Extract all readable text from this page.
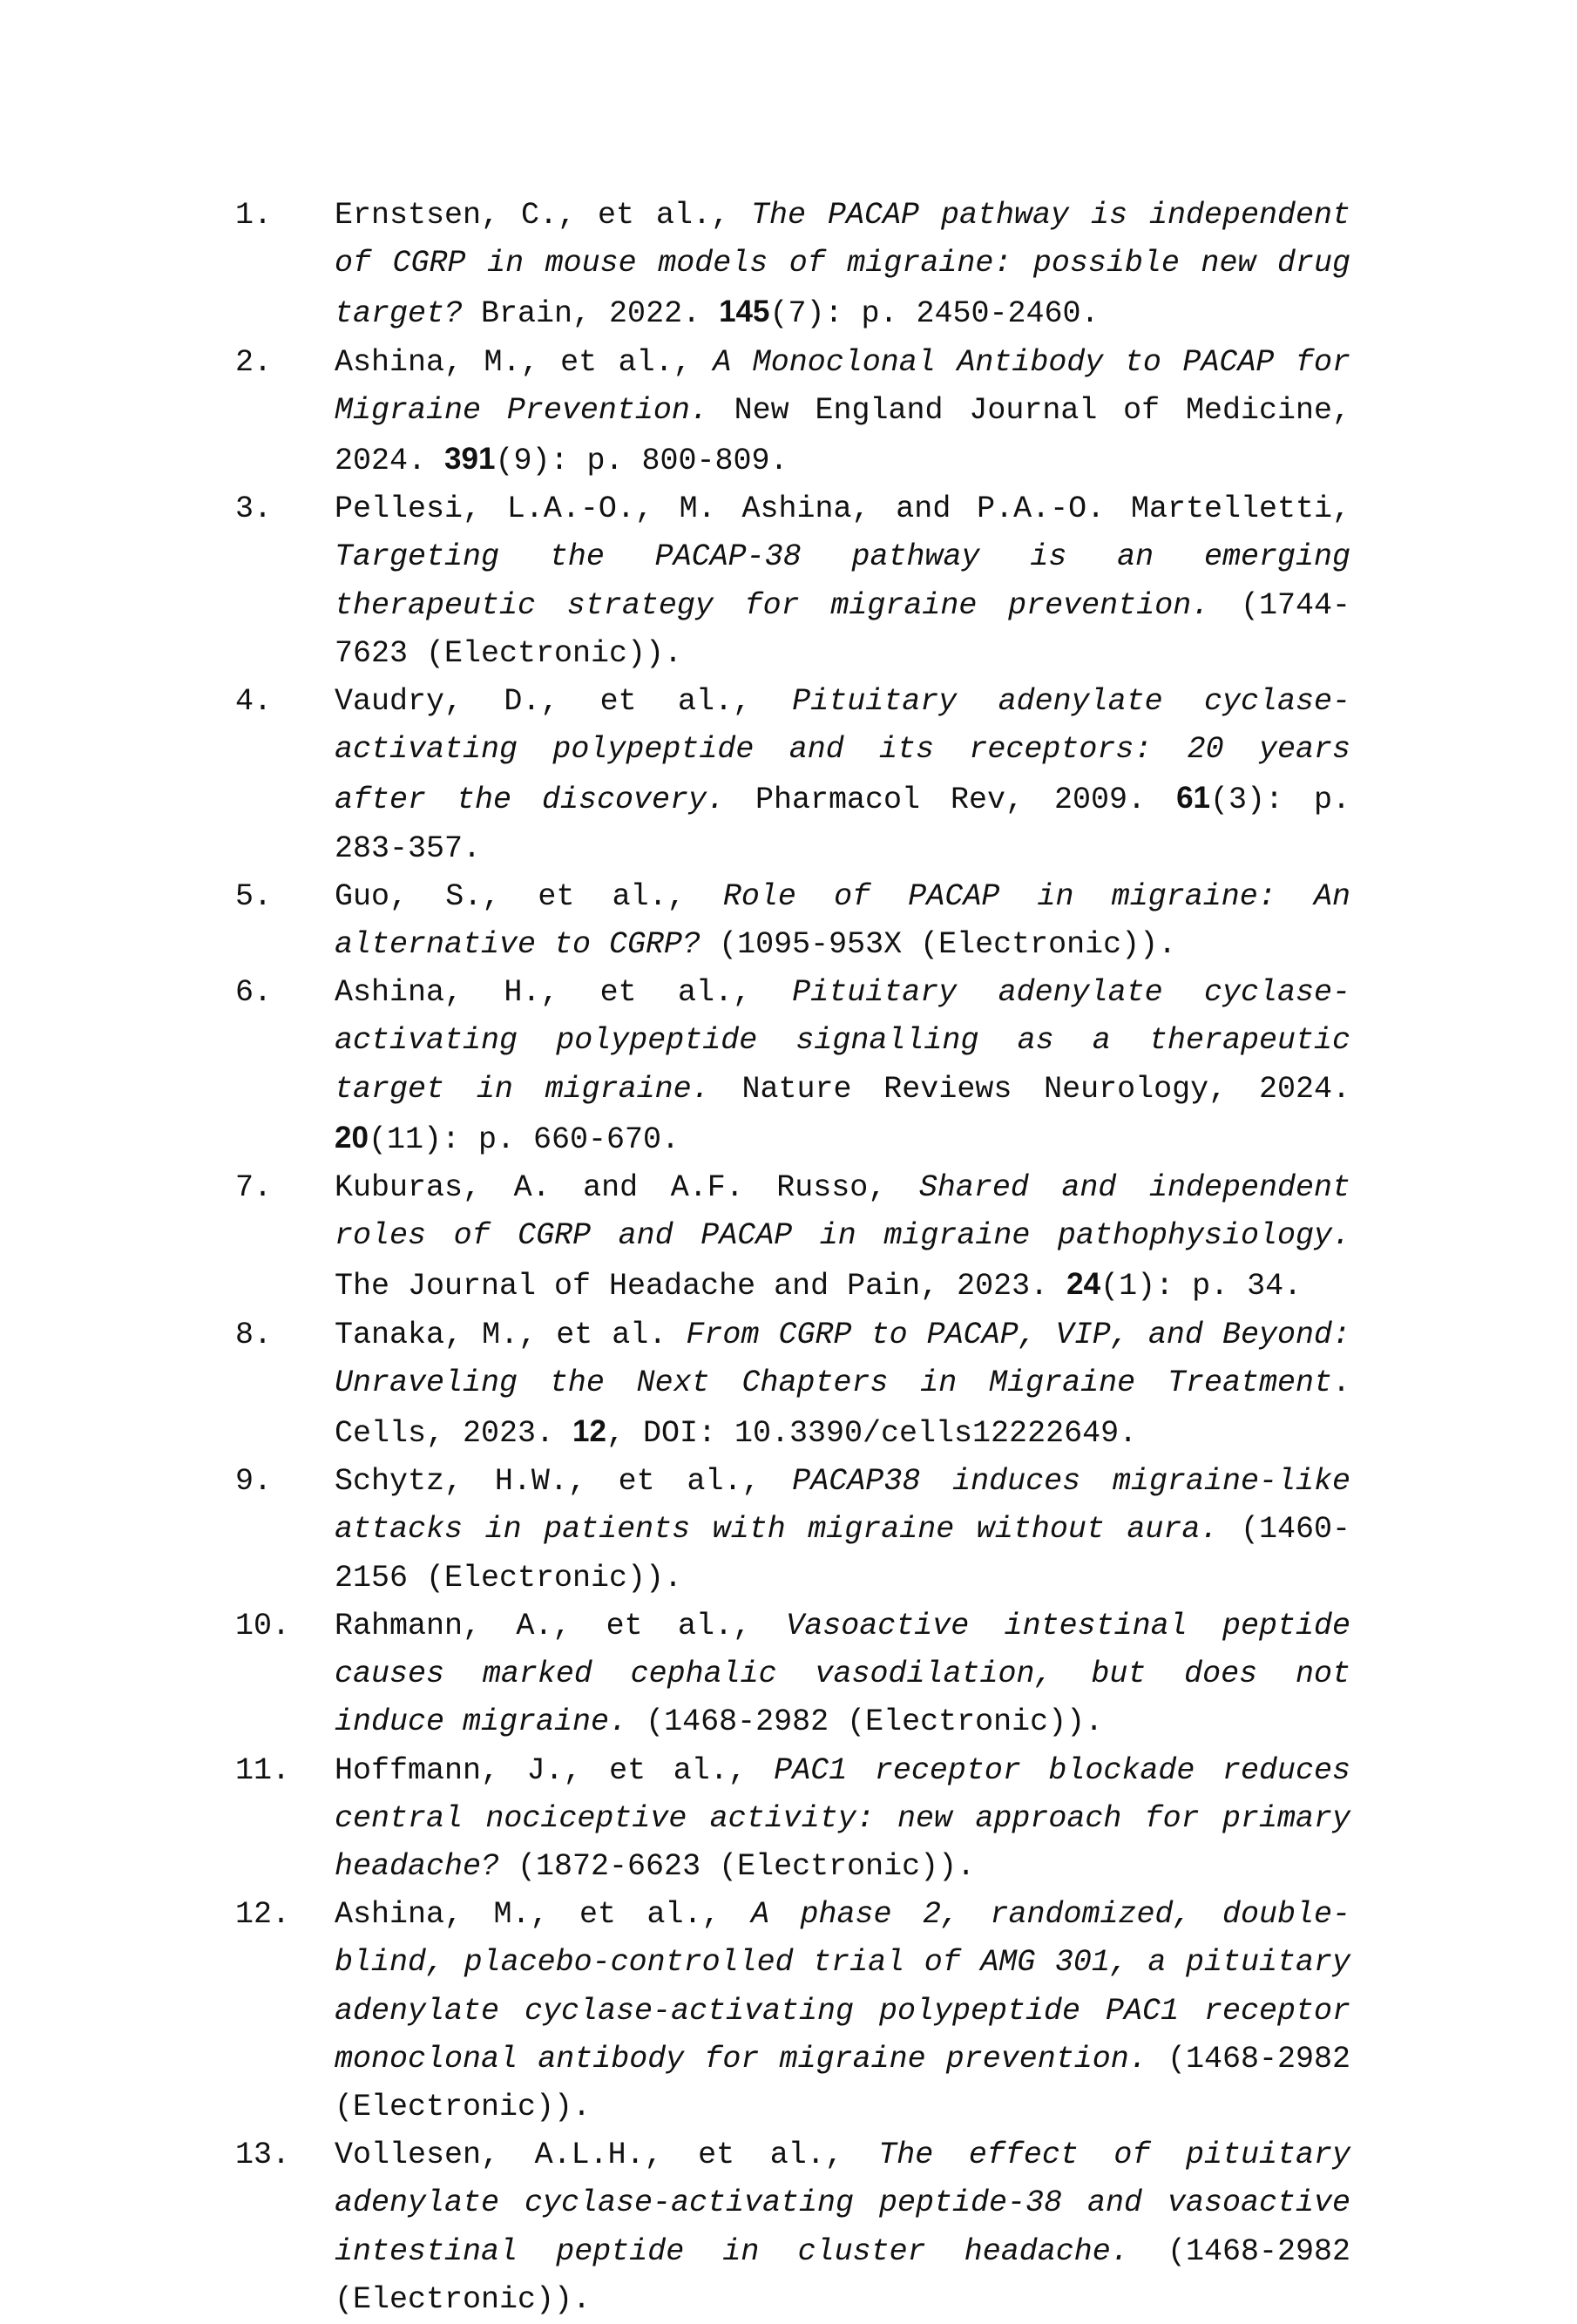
1.	Ernstsen, C., et al., The PACAP pathway is independent of CGRP in mouse models of migraine: possible new drug target? Brain, 2022. 145(7): p. 2450-2460.
2.	Ashina, M., et al., A Monoclonal Antibody to PACAP for Migraine Prevention. New England Journal of Medicine, 2024. 391(9): p. 800-809.
3.	Pellesi, L.A.-O., M. Ashina, and P.A.-O. Martelletti, Targeting the PACAP-38 pathway is an emerging therapeutic strategy for migraine prevention. (1744-7623 (Electronic)).
4.	Vaudry, D., et al., Pituitary adenylate cyclase-activating polypeptide and its receptors: 20 years after the discovery. Pharmacol Rev, 2009. 61(3): p. 283-357.
5.	Guo, S., et al., Role of PACAP in migraine: An alternative to CGRP? (1095-953X (Electronic)).
6.	Ashina, H., et al., Pituitary adenylate cyclase-activating polypeptide signalling as a therapeutic target in migraine. Nature Reviews Neurology, 2024. 20(11): p. 660-670.
7.	Kuburas, A. and A.F. Russo, Shared and independent roles of CGRP and PACAP in migraine pathophysiology. The Journal of Headache and Pain, 2023. 24(1): p. 34.
8.	Tanaka, M., et al. From CGRP to PACAP, VIP, and Beyond: Unraveling the Next Chapters in Migraine Treatment. Cells, 2023. 12, DOI: 10.3390/cells12222649.
9.	Schytz, H.W., et al., PACAP38 induces migraine-like attacks in patients with migraine without aura. (1460-2156 (Electronic)).
10.	Rahmann, A., et al., Vasoactive intestinal peptide causes marked cephalic vasodilation, but does not induce migraine. (1468-2982 (Electronic)).
11.	Hoffmann, J., et al., PAC1 receptor blockade reduces central nociceptive activity: new approach for primary headache? (1872-6623 (Electronic)).
12.	Ashina, M., et al., A phase 2, randomized, double-blind, placebo-controlled trial of AMG 301, a pituitary adenylate cyclase-activating polypeptide PAC1 receptor monoclonal antibody for migraine prevention. (1468-2982 (Electronic)).
13.	Vollesen, A.L.H., et al., The effect of pituitary adenylate cyclase-activating peptide-38 and vasoactive intestinal peptide in cluster headache. (1468-2982 (Electronic)).
